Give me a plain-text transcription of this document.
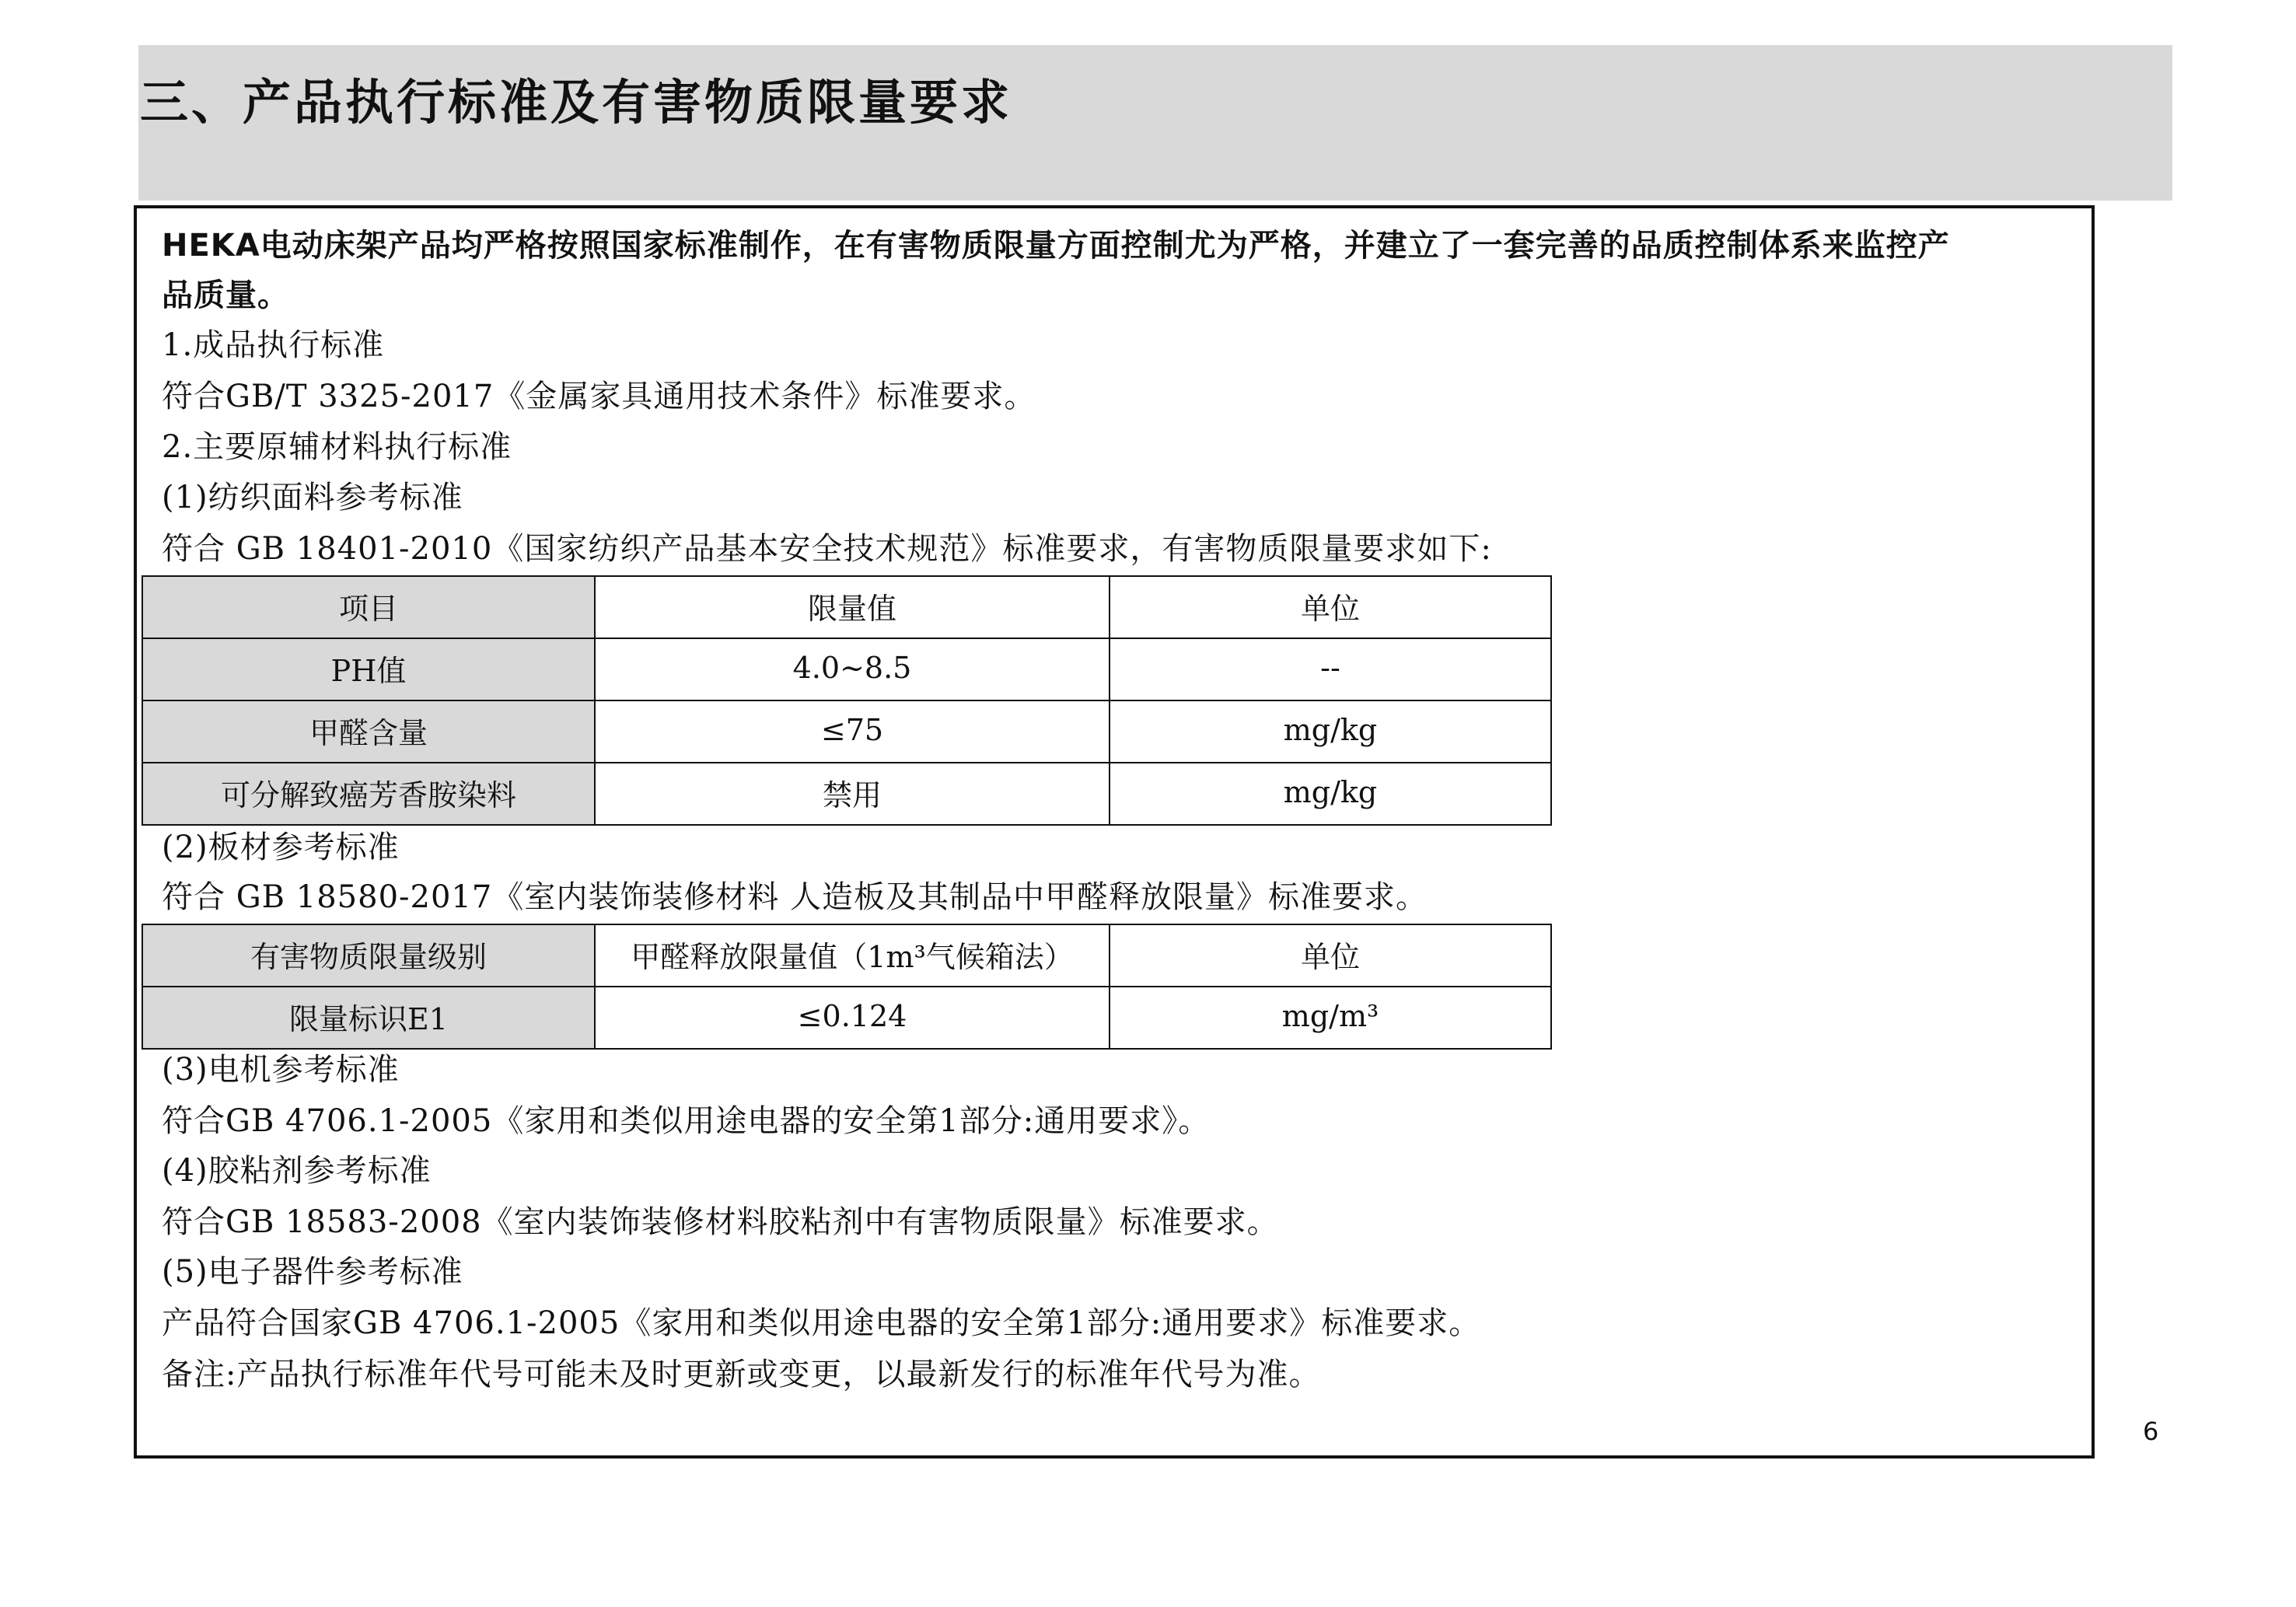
三、产品执行标准及有害物质限量要求
HEKA电动床架产品均严格按照国家标准制作，在有害物质限量方面控制尤为严格，并建立了一套完善的品质控制体系来监控产
品质量。
1.成品执行标准
符合GB/T 3325-2017《金属家具通用技术条件》标准要求。
2.主要原辅材料执行标准
(1)纺织面料参考标准
符合 GB 18401-2010《国家纺织产品基本安全技术规范》标准要求，有害物质限量要求如下:
项目	限量值	单位
PH值	4.0~8.5	--
甲醛含量	≤75	mg/kg
可分解致癌芳香胺染料	禁用	mg/kg
(2)板材参考标准
符合 GB 18580-2017《室内装饰装修材料 人造板及其制品中甲醛释放限量》标准要求。
有害物质限量级别	甲醛释放限量值（1m³气候箱法）	单位
限量标识E1	≤0.124	mg/m³
(3)电机参考标准
符合GB 4706.1-2005《家用和类似用途电器的安全第1部分:通用要求》。
(4)胶粘剂参考标准
符合GB 18583-2008《室内装饰装修材料胶粘剂中有害物质限量》标准要求。
(5)电子器件参考标准
产品符合国家GB 4706.1-2005《家用和类似用途电器的安全第1部分:通用要求》标准要求。
备注:产品执行标准年代号可能未及时更新或变更，以最新发行的标准年代号为准。
6
